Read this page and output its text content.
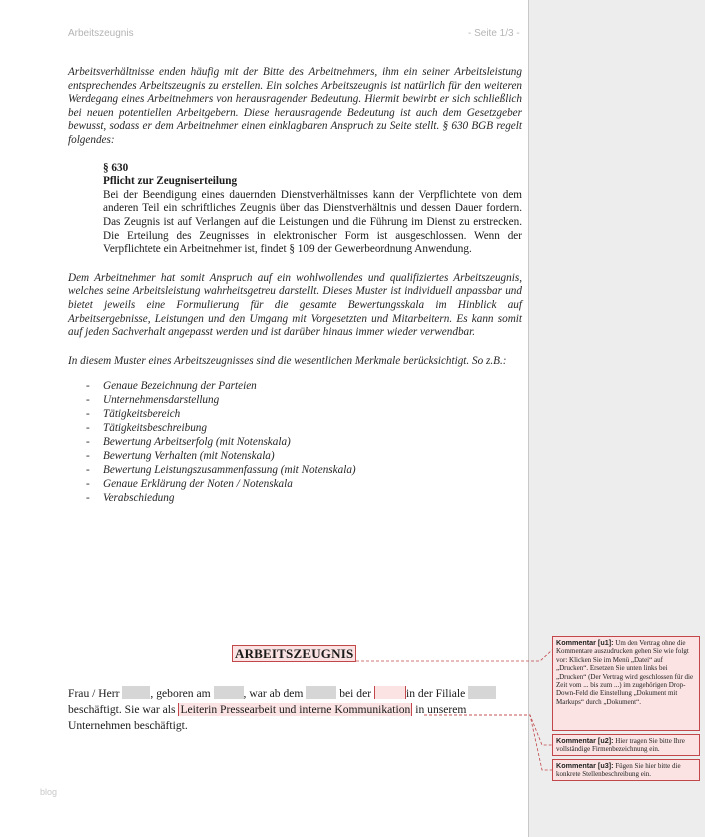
Arbeitszeugnis	- Seite 1/3 -

Arbeitsverhältnisse enden häufig mit der Bitte des Arbeitnehmers, ihm ein seiner Arbeitsleistung entsprechendes Arbeitszeugnis zu erstellen. Ein solches Arbeitszeugnis ist natürlich für den weiteren Werdegang eines Arbeitnehmers von herausragender Bedeutung. Hiermit bewirbt er sich schließlich bei neuen potentiellen Arbeitgebern. Diese herausragende Bedeutung ist auch dem Gesetzgeber bewusst, sodass er dem Arbeitnehmer einen einklagbaren Anspruch zu Seite stellt. § 630 BGB regelt folgendes:

§ 630
Pflicht zur Zeugniserteilung
Bei der Beendigung eines dauernden Dienstverhältnisses kann der Verpflichtete von dem anderen Teil ein schriftliches Zeugnis über das Dienstverhältnis und dessen Dauer fordern. Das Zeugnis ist auf Verlangen auf die Leistungen und die Führung im Dienst zu erstrecken. Die Erteilung des Zeugnisses in elektronischer Form ist ausgeschlossen. Wenn der Verpflichtete ein Arbeitnehmer ist, findet § 109 der Gewerbeordnung Anwendung.

Dem Arbeitnehmer hat somit Anspruch auf ein wohlwollendes und qualifiziertes Arbeitszeugnis, welches seine Arbeitsleistung wahrheitsgetreu darstellt. Dieses Muster ist individuell anpassbar und bietet jeweils eine Formulierung für die gesamte Bewertungsskala im Hinblick auf Arbeitsergebnisse, Leistungen und den Umgang mit Vorgesetzten und Mitarbeitern. Es kann somit auf jeden Sachverhalt angepasst werden und ist darüber hinaus immer wieder verwendbar.

In diesem Muster eines Arbeitszeugnisses sind die wesentlichen Merkmale berücksichtigt. So z.B.:

- Genaue Bezeichnung der Parteien
- Unternehmensdarstellung
- Tätigkeitsbereich
- Tätigkeitsbeschreibung
- Bewertung Arbeitserfolg (mit Notenskala)
- Bewertung Verhalten (mit Notenskala)
- Bewertung Leistungszusammenfassung (mit Notenskala)
- Genaue Erklärung der Noten / Notenskala
- Verabschiedung
ARBEITSZEUGNIS
Frau / Herr	, geboren am	, war ab dem	bei der	in der Filiale  beschäftigt. Sie war als Leiterin Pressearbeit und interne Kommunikation in unserem Unternehmen beschäftigt.
blog
Kommentar [u1]: Um den Vertrag ohne die Kommentare auszudrucken gehen Sie wie folgt vor: Klicken Sie im Menü „Datei“ auf „Drucken“. Ersetzen Sie unten links bei „Drucken“ (Der Vertrag wird geschlossen für die Zeit vom ... bis zum ...) im zugehörigen Drop-Down-Feld die Einstellung „Dokument mit Markups“ durch „Dokument“.
Kommentar [u2]: Hier tragen Sie bitte Ihre vollständige Firmenbezeichnung ein.
Kommentar [u3]: Fügen Sie hier bitte die konkrete Stellenbeschreibung ein.
